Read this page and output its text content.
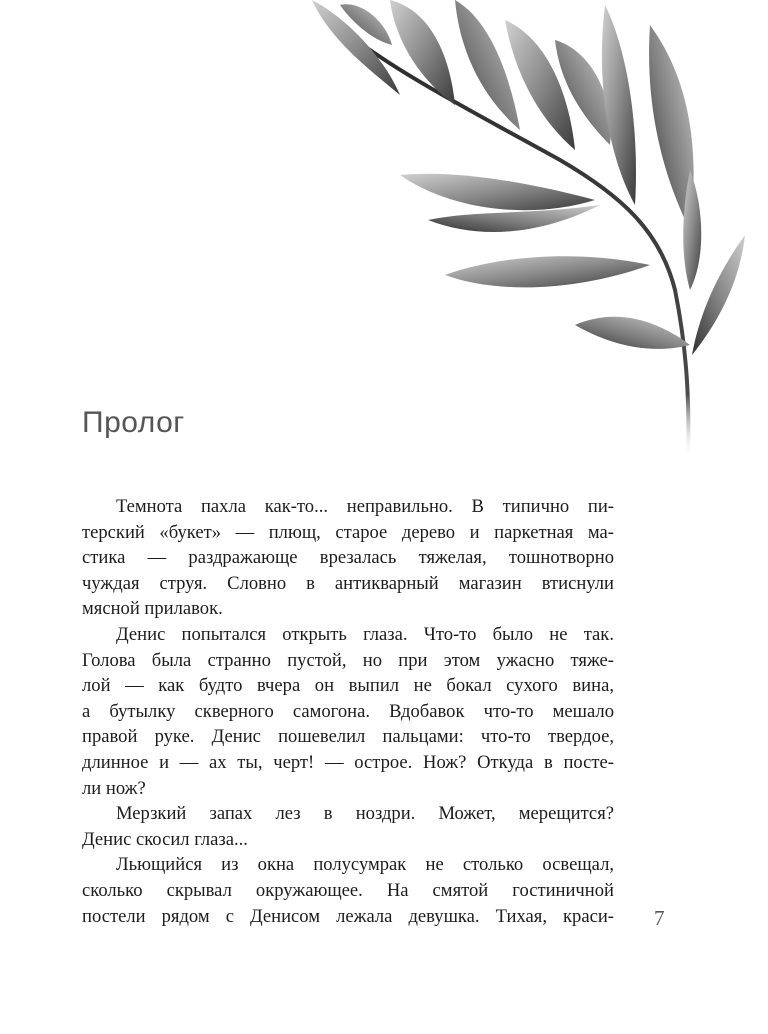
Пролог

Темнота пахла как-то... неправильно. В типично пи-
терский «букет» — плющ, старое дерево и паркетная ма-
стика — раздражающе врезалась тяжелая, тошнотворно
чуждая струя. Словно в антикварный магазин втиснули
мясной прилавок.

Денис попытался открыть глаза. Что-то было не так.
Голова была странно пустой, но при этом ужасно тяже-
лой — как будто вчера он выпил не бокал сухого вина,
а бутылку скверного самогона. Вдобавок что-то мешало
правой руке. Денис пошевелил пальцами: что-то твердое,
длинное и — ах ты, черт! — острое. Нож? Откуда в посте-
ли нож?

Мерзкий запах лез в ноздри. Может, мерещится?
Денис скосил глаза...

Льющийся из окна полусумрак не столько освещал,
сколько скрывал окружающее. На смятой гостиничной
постели рядом с Денисом лежала девушка. Тихая, краси- 7
